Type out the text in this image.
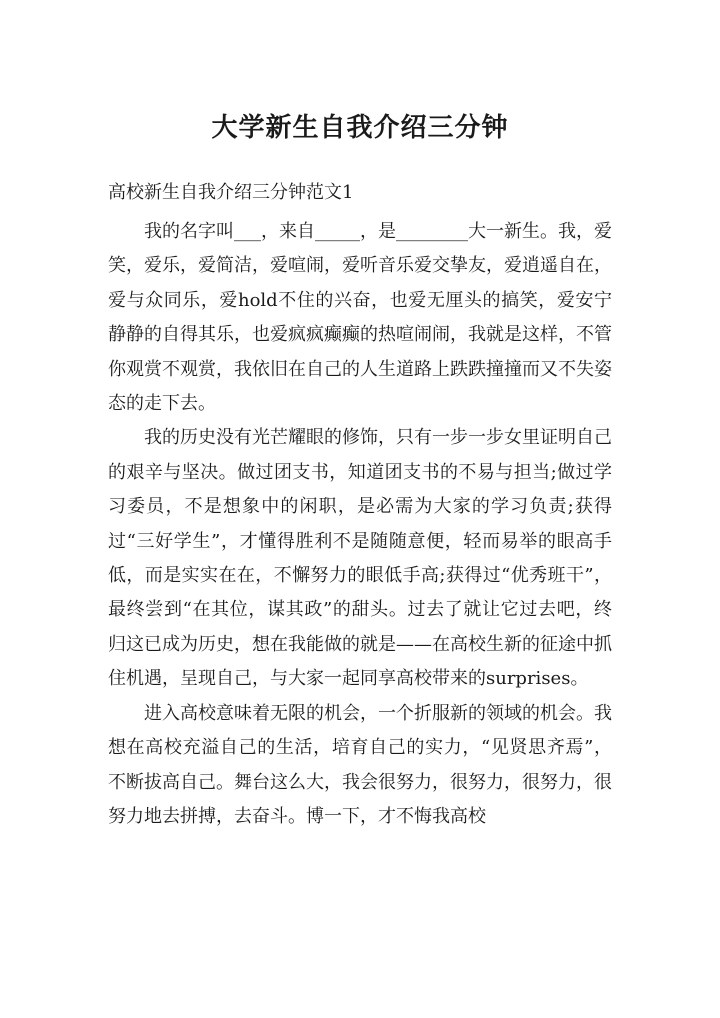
大学新生自我介绍三分钟
高校新生自我介绍三分钟范文1

我的名字叫___，来自_____，是________大一新生。我，爱笑，爱乐，爱简洁，爱喧闹，爱听音乐爱交挚友，爱逍遥自在，爱与众同乐，爱hold不住的兴奋，也爱无厘头的搞笑，爱安宁静静的自得其乐，也爱疯疯癫癫的热喧闹闹，我就是这样，不管你观赏不观赏，我依旧在自己的人生道路上跌跌撞撞而又不失姿态的走下去。

我的历史没有光芒耀眼的修饰，只有一步一步女里证明自己的艰辛与坚决。做过团支书，知道团支书的不易与担当;做过学习委员，不是想象中的闲职，是必需为大家的学习负责;获得过“三好学生”，才懂得胜利不是随随意便，轻而易举的眼高手低，而是实实在在，不懈努力的眼低手高;获得过“优秀班干”，最终尝到“在其位，谋其政”的甜头。过去了就让它过去吧，终归这已成为历史，想在我能做的就是——在高校生新的征途中抓住机遇，呈现自己，与大家一起同享高校带来的surprises。

进入高校意味着无限的机会，一个折服新的领域的机会。我想在高校充溢自己的生活，培育自己的实力，“见贤思齐焉”，不断拔高自己。舞台这么大，我会很努力，很努力，很努力，很努力地去拼搏，去奋斗。博一下，才不悔我高校
